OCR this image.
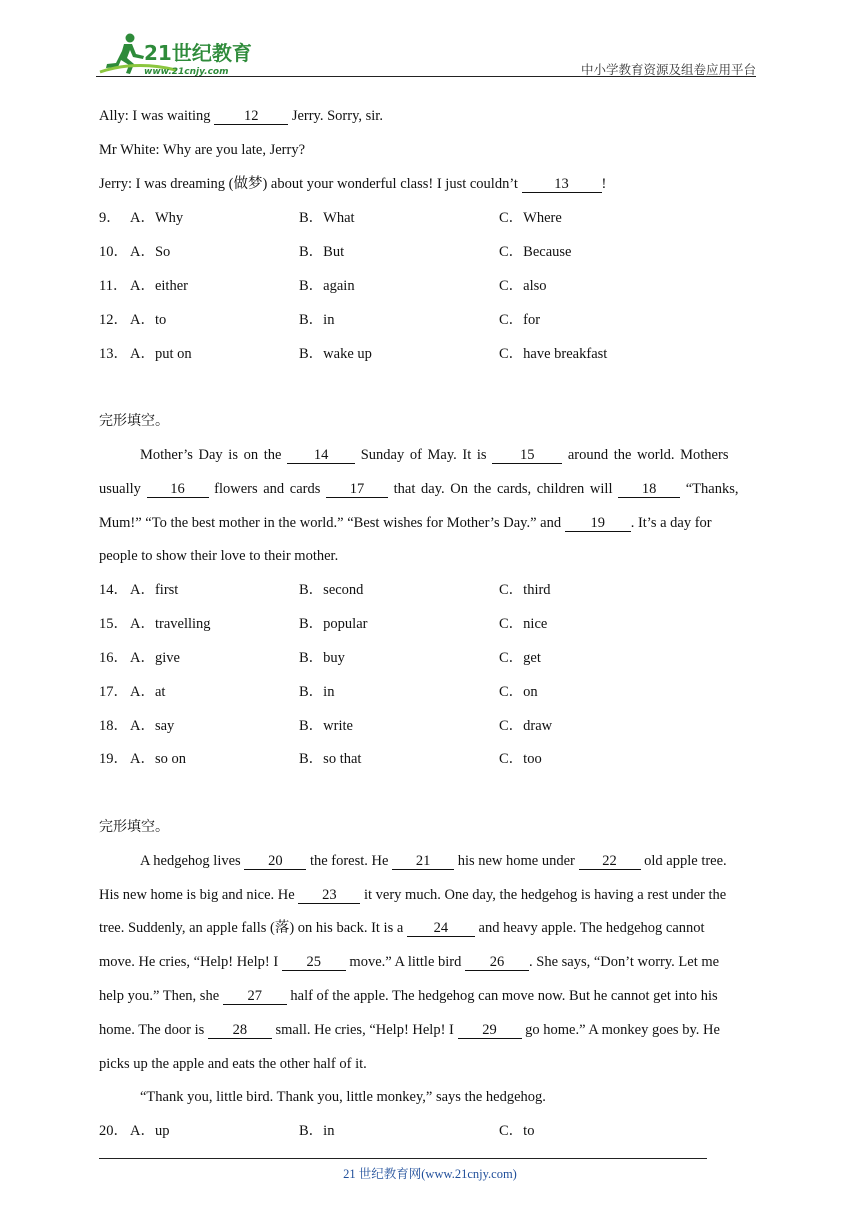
21世纪教育
www.21cnjy.com	中小学教育资源及组卷应用平台
Ally: I was waiting 12 Jerry. Sorry, sir.
Mr White: Why are you late, Jerry?
Jerry: I was dreaming (做梦) about your wonderful class! I just couldn’t 13 !
9． A．Why	B．What	C．Where
10． A．So	B．But	C．Because
11． A．either	B．again	C．also
12． A．to	B．in	C．for
13． A．put on	B．wake up	C．have breakfast
完形填空。
Mother’s Day is on the 14 Sunday of May. It is 15 around the world. Mothers
usually 16 flowers and cards 17 that day. On the cards, children will 18 “Thanks,
Mum!” “To the best mother in the world.” “Best wishes for Mother’s Day.” and 19 . It’s a day for
people to show their love to their mother.
14． A．first	B．second	C．third
15． A．travelling	B．popular	C．nice
16． A．give	B．buy	C．get
17． A．at	B．in	C．on
18． A．say	B．write	C．draw
19． A．so on	B．so that	C．too
完形填空。
A hedgehog lives 20 the forest. He 21 his new home under 22 old apple tree.
His new home is big and nice. He 23 it very much. One day, the hedgehog is having a rest under the
tree. Suddenly, an apple falls (落) on his back. It is a 24 and heavy apple. The hedgehog cannot
move. He cries, “Help! Help! I 25 move.” A little bird 26 . She says, “Don’t worry. Let me
help you.” Then, she 27 half of the apple. The hedgehog can move now. But he cannot get into his
home. The door is 28 small. He cries, “Help! Help! I 29 go home.” A monkey goes by. He
picks up the apple and eats the other half of it.
“Thank you, little bird. Thank you, little monkey,” says the hedgehog.
20． A．up	B．in	C．to
21 世纪教育网(www.21cnjy.com)
